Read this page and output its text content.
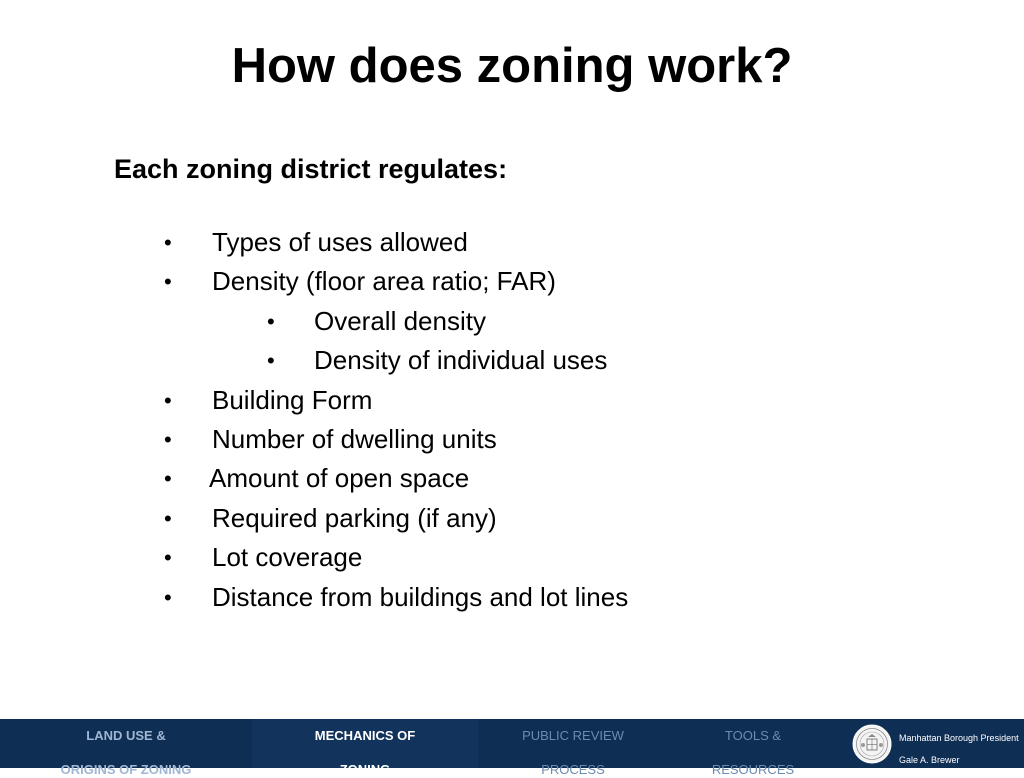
How does zoning work?
Each zoning district regulates:
• Types of uses allowed
• Density (floor area ratio; FAR)
• Overall density
• Density of individual uses
• Building Form
• Number of dwelling units
• Amount of open space
• Required parking (if any)
• Lot coverage
• Distance from buildings and lot lines

LAND USE &

ORIGINS OF ZONING

MECHANICS OF

ZONING

PUBLIC REVIEW

PROCESS

TOOLS &

RESOURCES

Manhattan Borough President

Gale A. Brewer
